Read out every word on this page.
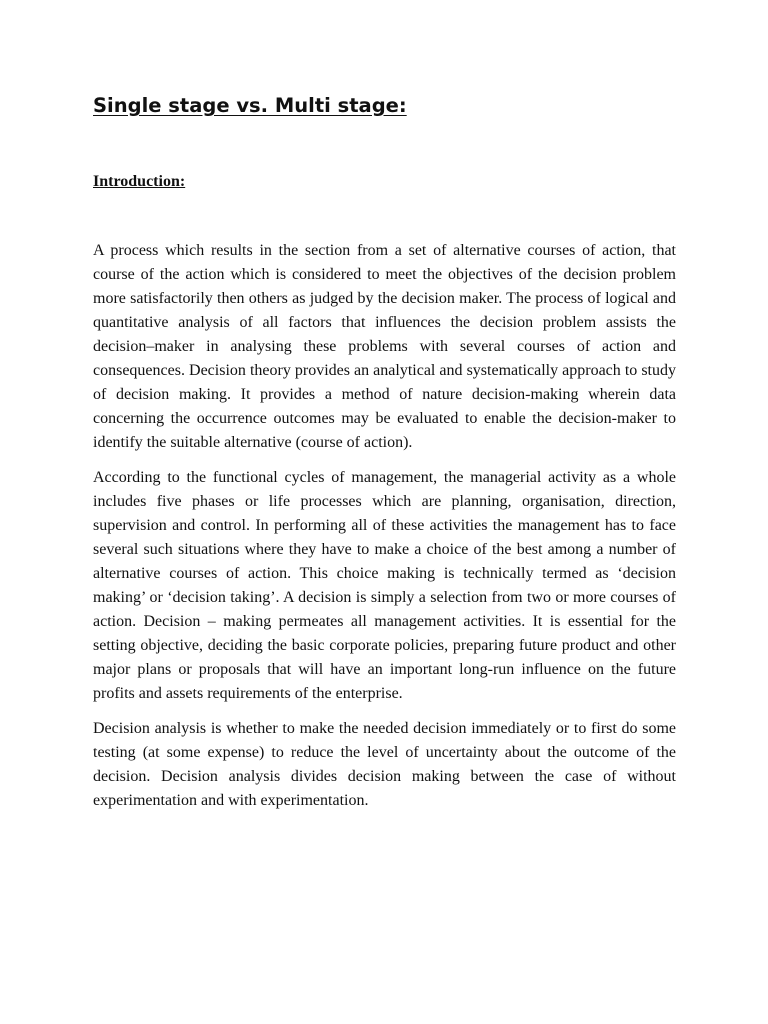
Single stage vs. Multi stage:
Introduction:

A process which results in the section from a set of alternative courses of action, that course of the action which is considered to meet the objectives of the decision problem more satisfactorily then others as judged by the decision maker. The process of logical and quantitative analysis of all factors that influences the decision problem assists the decision–maker in analysing these problems with several courses of action and consequences. Decision theory provides an analytical and systematically approach to study of decision making. It provides a method of nature decision-making wherein data concerning the occurrence outcomes may be evaluated to enable the decision-maker to identify the suitable alternative (course of action).

According to the functional cycles of management, the managerial activity as a whole includes five phases or life processes which are planning, organisation, direction, supervision and control. In performing all of these activities the management has to face several such situations where they have to make a choice of the best among a number of alternative courses of action. This choice making is technically termed as ‘decision making’ or ‘decision taking’. A decision is simply a selection from two or more courses of action. Decision – making permeates all management activities. It is essential for the setting objective, deciding the basic corporate policies, preparing future product and other major plans or proposals that will have an important long-run influence on the future profits and assets requirements of the enterprise.

Decision analysis is whether to make the needed decision immediately or to first do some testing (at some expense) to reduce the level of uncertainty about the outcome of the decision. Decision analysis divides decision making between the case of without experimentation and with experimentation.
